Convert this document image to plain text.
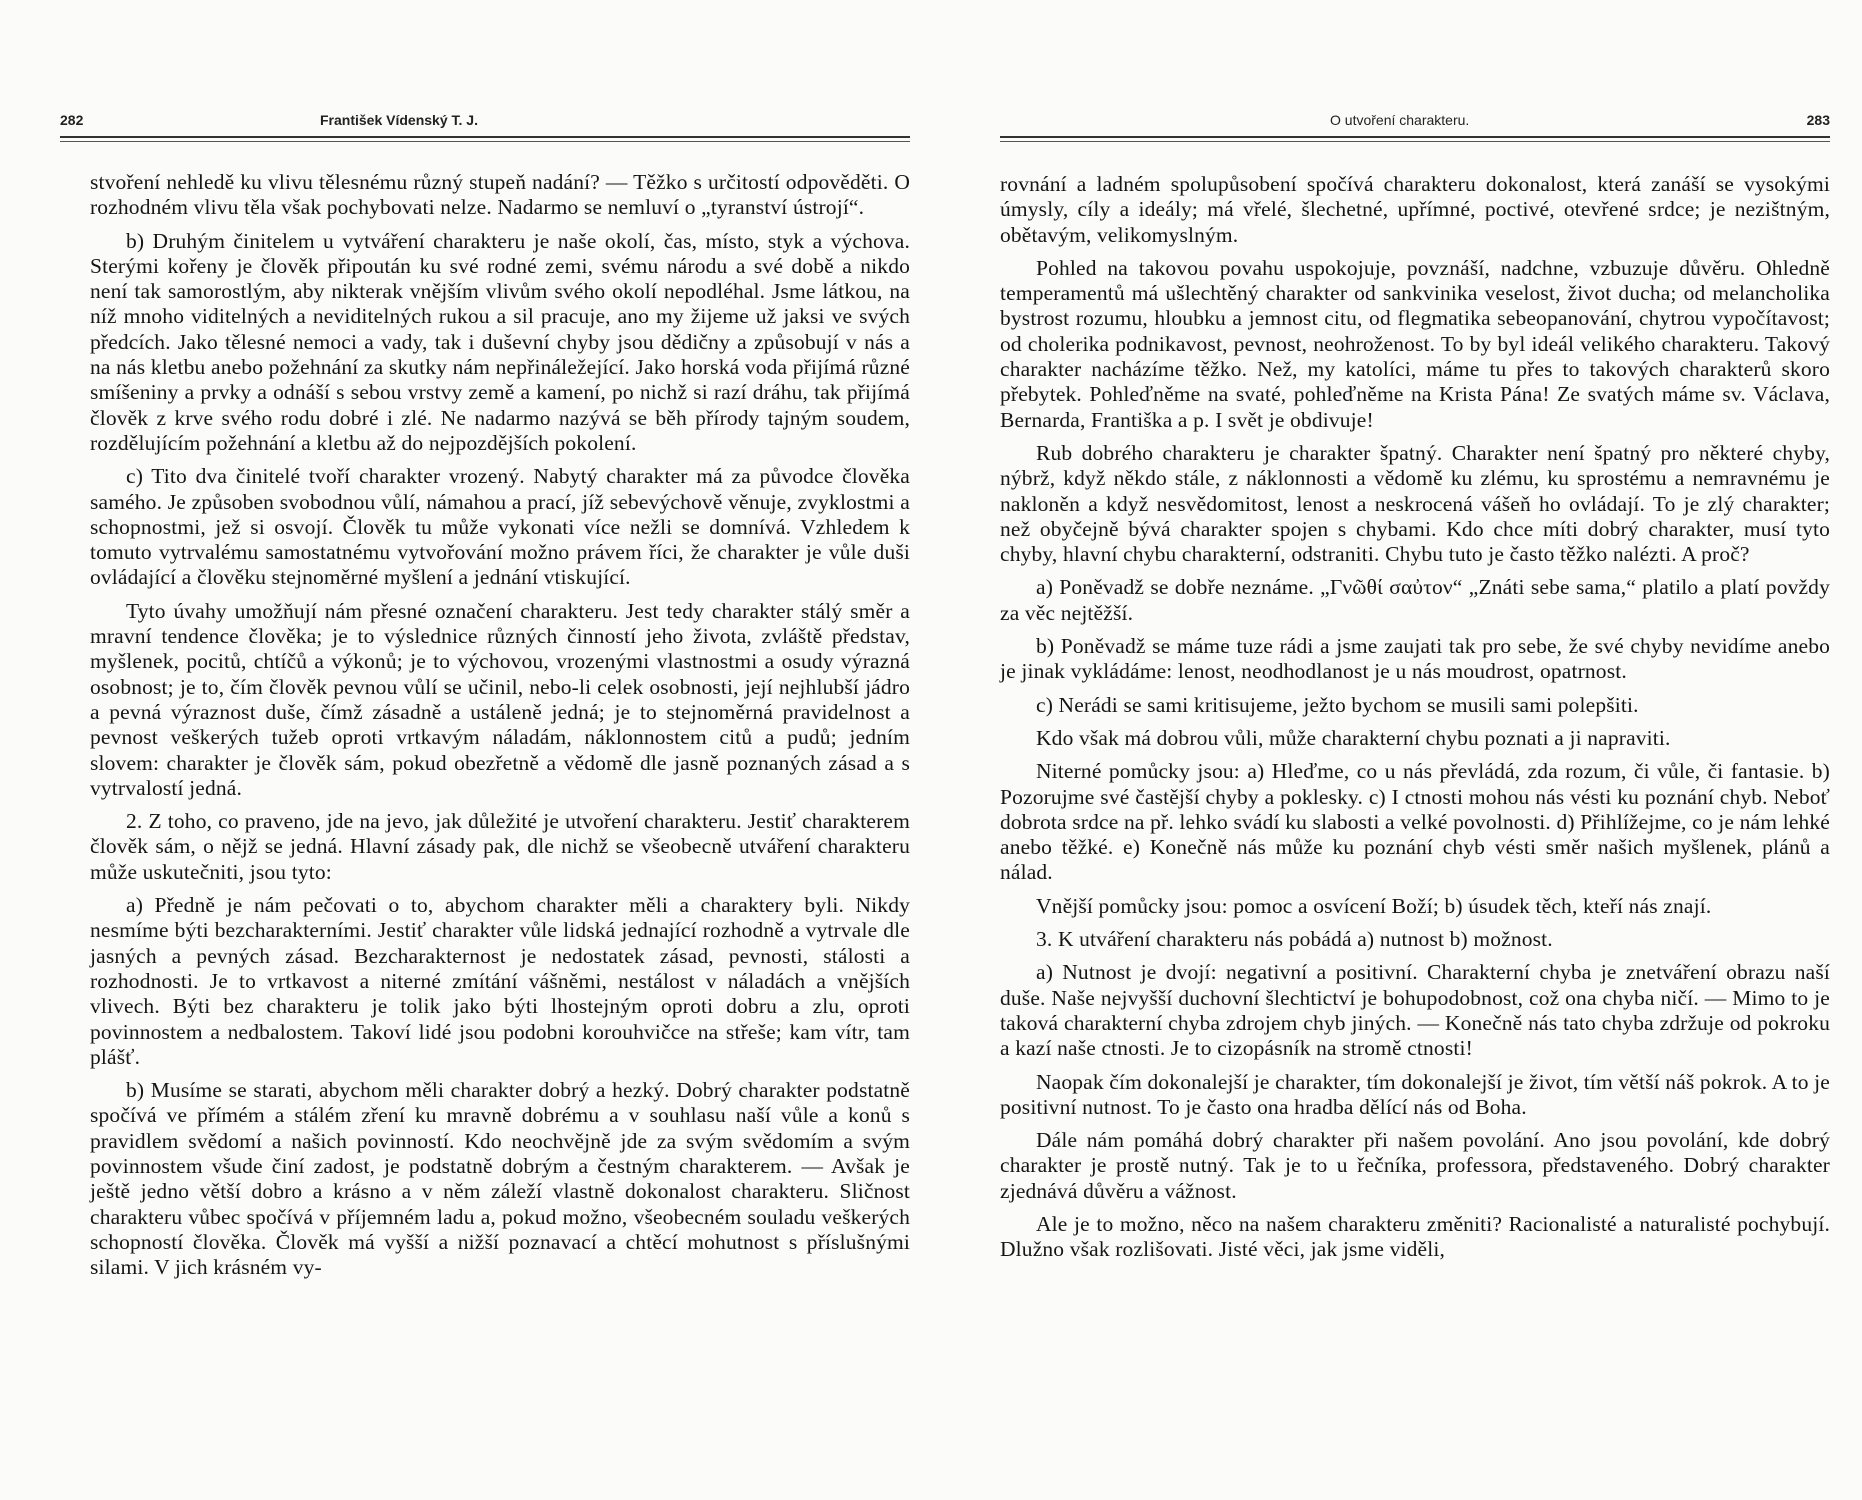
282	František Vídenský T. J.

stvoření nehledě ku vlivu tělesnému různý stupeň nadání? — Těžko s určitostí odpověděti. O rozhodném vlivu těla však pochybovati nelze. Nadarmo se nemluví o „tyranství ústrojí“.

b) Druhým činitelem u vytváření charakteru je naše okolí, čas, místo, styk a výchova. Sterými kořeny je člověk připoután ku své rodné zemi, svému národu a své době a nikdo není tak samorostlým, aby nikterak vnějším vlivům svého okolí nepodléhal. Jsme látkou, na níž mnoho viditelných a neviditelných rukou a sil pracuje, ano my žijeme už jaksi ve svých předcích. Jako tělesné nemoci a vady, tak i duševní chyby jsou dědičny a způsobují v nás a na nás kletbu anebo požehnání za skutky nám nepřináležející. Jako horská voda přijímá různé smíšeniny a prvky a odnáší s sebou vrstvy země a kamení, po nichž si razí dráhu, tak přijímá člověk z krve svého rodu dobré i zlé. Ne nadarmo nazývá se běh přírody tajným soudem, rozdělujícím požehnání a kletbu až do nejpozdějších pokolení.

c) Tito dva činitelé tvoří charakter vrozený. Nabytý charakter má za původce člověka samého. Je způsoben svobodnou vůlí, námahou a prací, jíž sebevýchově věnuje, zvyklostmi a schopnostmi, jež si osvojí. Člověk tu může vykonati více nežli se domnívá. Vzhledem k tomuto vytrvalému samostatnému vytvořování možno právem říci, že charakter je vůle duši ovládající a člověku stejnoměrné myšlení a jednání vtiskující.

Tyto úvahy umožňují nám přesné označení charakteru. Jest tedy charakter stálý směr a mravní tendence člověka; je to výslednice různých činností jeho života, zvláště představ, myšlenek, pocitů, chtíčů a výkonů; je to výchovou, vrozenými vlastnostmi a osudy výrazná osobnost; je to, čím člověk pevnou vůlí se učinil, nebo-li celek osobnosti, její nejhlubší jádro a pevná výraznost duše, čímž zásadně a ustáleně jedná; je to stejnoměrná pravidelnost a pevnost veškerých tužeb oproti vrtkavým náladám, náklonnostem citů a pudů; jedním slovem: charakter je člověk sám, pokud obezřetně a vědomě dle jasně poznaných zásad a s vytrvalostí jedná.

2. Z toho, co praveno, jde na jevo, jak důležité je utvoření charakteru. Jestiť charakterem člověk sám, o nějž se jedná. Hlavní zásady pak, dle nichž se všeobecně utváření charakteru může uskutečniti, jsou tyto:

a) Předně je nám pečovati o to, abychom charakter měli a charaktery byli. Nikdy nesmíme býti bezcharakterními. Jestiť charakter vůle lidská jednající rozhodně a vytrvale dle jasných a pevných zásad. Bezcharakternost je nedostatek zásad, pevnosti, stálosti a rozhodnosti. Je to vrtkavost a niterné zmítání vášněmi, nestálost v náladách a vnějších vlivech. Býti bez charakteru je tolik jako býti lhostejným oproti dobru a zlu, oproti povinnostem a nedbalostem. Takoví lidé jsou podobni korouhvičce na střeše; kam vítr, tam plášť.

b) Musíme se starati, abychom měli charakter dobrý a hezký. Dobrý charakter podstatně spočívá ve přímém a stálém zření ku mravně dobrému a v souhlasu naší vůle a konů s pravidlem svědomí a našich povinností. Kdo neochvějně jde za svým svědomím a svým povinnostem všude činí zadost, je podstatně dobrým a čestným charakterem. — Avšak je ještě jedno větší dobro a krásno a v něm záleží vlastně dokonalost charakteru. Sličnost charakteru vůbec spočívá v příjemném ladu a, pokud možno, všeobecném souladu veškerých schopností člověka. Člověk má vyšší a nižší poznavací a chtěcí mohutnost s příslušnými silami. V jich krásném vy-

O utvoření charakteru.	283

rovnání a ladném spolupůsobení spočívá charakteru dokonalost, která zanáší se vysokými úmysly, cíly a ideály; má vřelé, šlechetné, upřímné, poctivé, otevřené srdce; je nezištným, obětavým, velikomyslným.

Pohled na takovou povahu uspokojuje, povznáší, nadchne, vzbuzuje důvěru. Ohledně temperamentů má ušlechtěný charakter od sankvinika veselost, život ducha; od melancholika bystrost rozumu, hloubku a jemnost citu, od flegmatika sebeopanování, chytrou vypočítavost; od cholerika podnikavost, pevnost, neohroženost. To by byl ideál velikého charakteru. Takový charakter nacházíme těžko. Než, my katolíci, máme tu přes to takových charakterů skoro přebytek. Pohleďněme na svaté, pohleďněme na Krista Pána! Ze svatých máme sv. Václava, Bernarda, Františka a p. I svět je obdivuje!

Rub dobrého charakteru je charakter špatný. Charakter není špatný pro některé chyby, nýbrž, když někdo stále, z náklonnosti a vědomě ku zlému, ku sprostému a nemravnému je nakloněn a když nesvědomitost, lenost a neskrocená vášeň ho ovládají. To je zlý charakter; než obyčejně bývá charakter spojen s chybami. Kdo chce míti dobrý charakter, musí tyto chyby, hlavní chybu charakterní, odstraniti. Chybu tuto je často těžko nalézti. A proč?

a) Poněvadž se dobře neznáme. „Γνῶθί σαὐτον“ „Znáti sebe sama,“ platilo a platí povždy za věc nejtěžší.

b) Poněvadž se máme tuze rádi a jsme zaujati tak pro sebe, že své chyby nevidíme anebo je jinak vykládáme: lenost, neodhodlanost je u nás moudrost, opatrnost.

c) Nerádi se sami kritisujeme, ježto bychom se musili sami polepšiti.

Kdo však má dobrou vůli, může charakterní chybu poznati a ji napraviti.

Niterné pomůcky jsou: a) Hleďme, co u nás převládá, zda rozum, či vůle, či fantasie. b) Pozorujme své častější chyby a poklesky. c) I ctnosti mohou nás vésti ku poznání chyb. Neboť dobrota srdce na př. lehko svádí ku slabosti a velké povolnosti. d) Přihlížejme, co je nám lehké anebo těžké. e) Konečně nás může ku poznání chyb vésti směr našich myšlenek, plánů a nálad.

Vnější pomůcky jsou: pomoc a osvícení Boží; b) úsudek těch, kteří nás znají.

3. K utváření charakteru nás pobádá a) nutnost b) možnost.

a) Nutnost je dvojí: negativní a positivní. Charakterní chyba je znetváření obrazu naší duše. Naše nejvyšší duchovní šlechtictví je bohupodobnost, což ona chyba ničí. — Mimo to je taková charakterní chyba zdrojem chyb jiných. — Konečně nás tato chyba zdržuje od pokroku a kazí naše ctnosti. Je to cizopásník na stromě ctnosti!

Naopak čím dokonalejší je charakter, tím dokonalejší je život, tím větší náš pokrok. A to je positivní nutnost. To je často ona hradba dělící nás od Boha.

Dále nám pomáhá dobrý charakter při našem povolání. Ano jsou povolání, kde dobrý charakter je prostě nutný. Tak je to u řečníka, professora, představeného. Dobrý charakter zjednává důvěru a vážnost.

Ale je to možno, něco na našem charakteru změniti? Racionalisté a naturalisté pochybují. Dlužno však rozlišovati. Jisté věci, jak jsme viděli,
